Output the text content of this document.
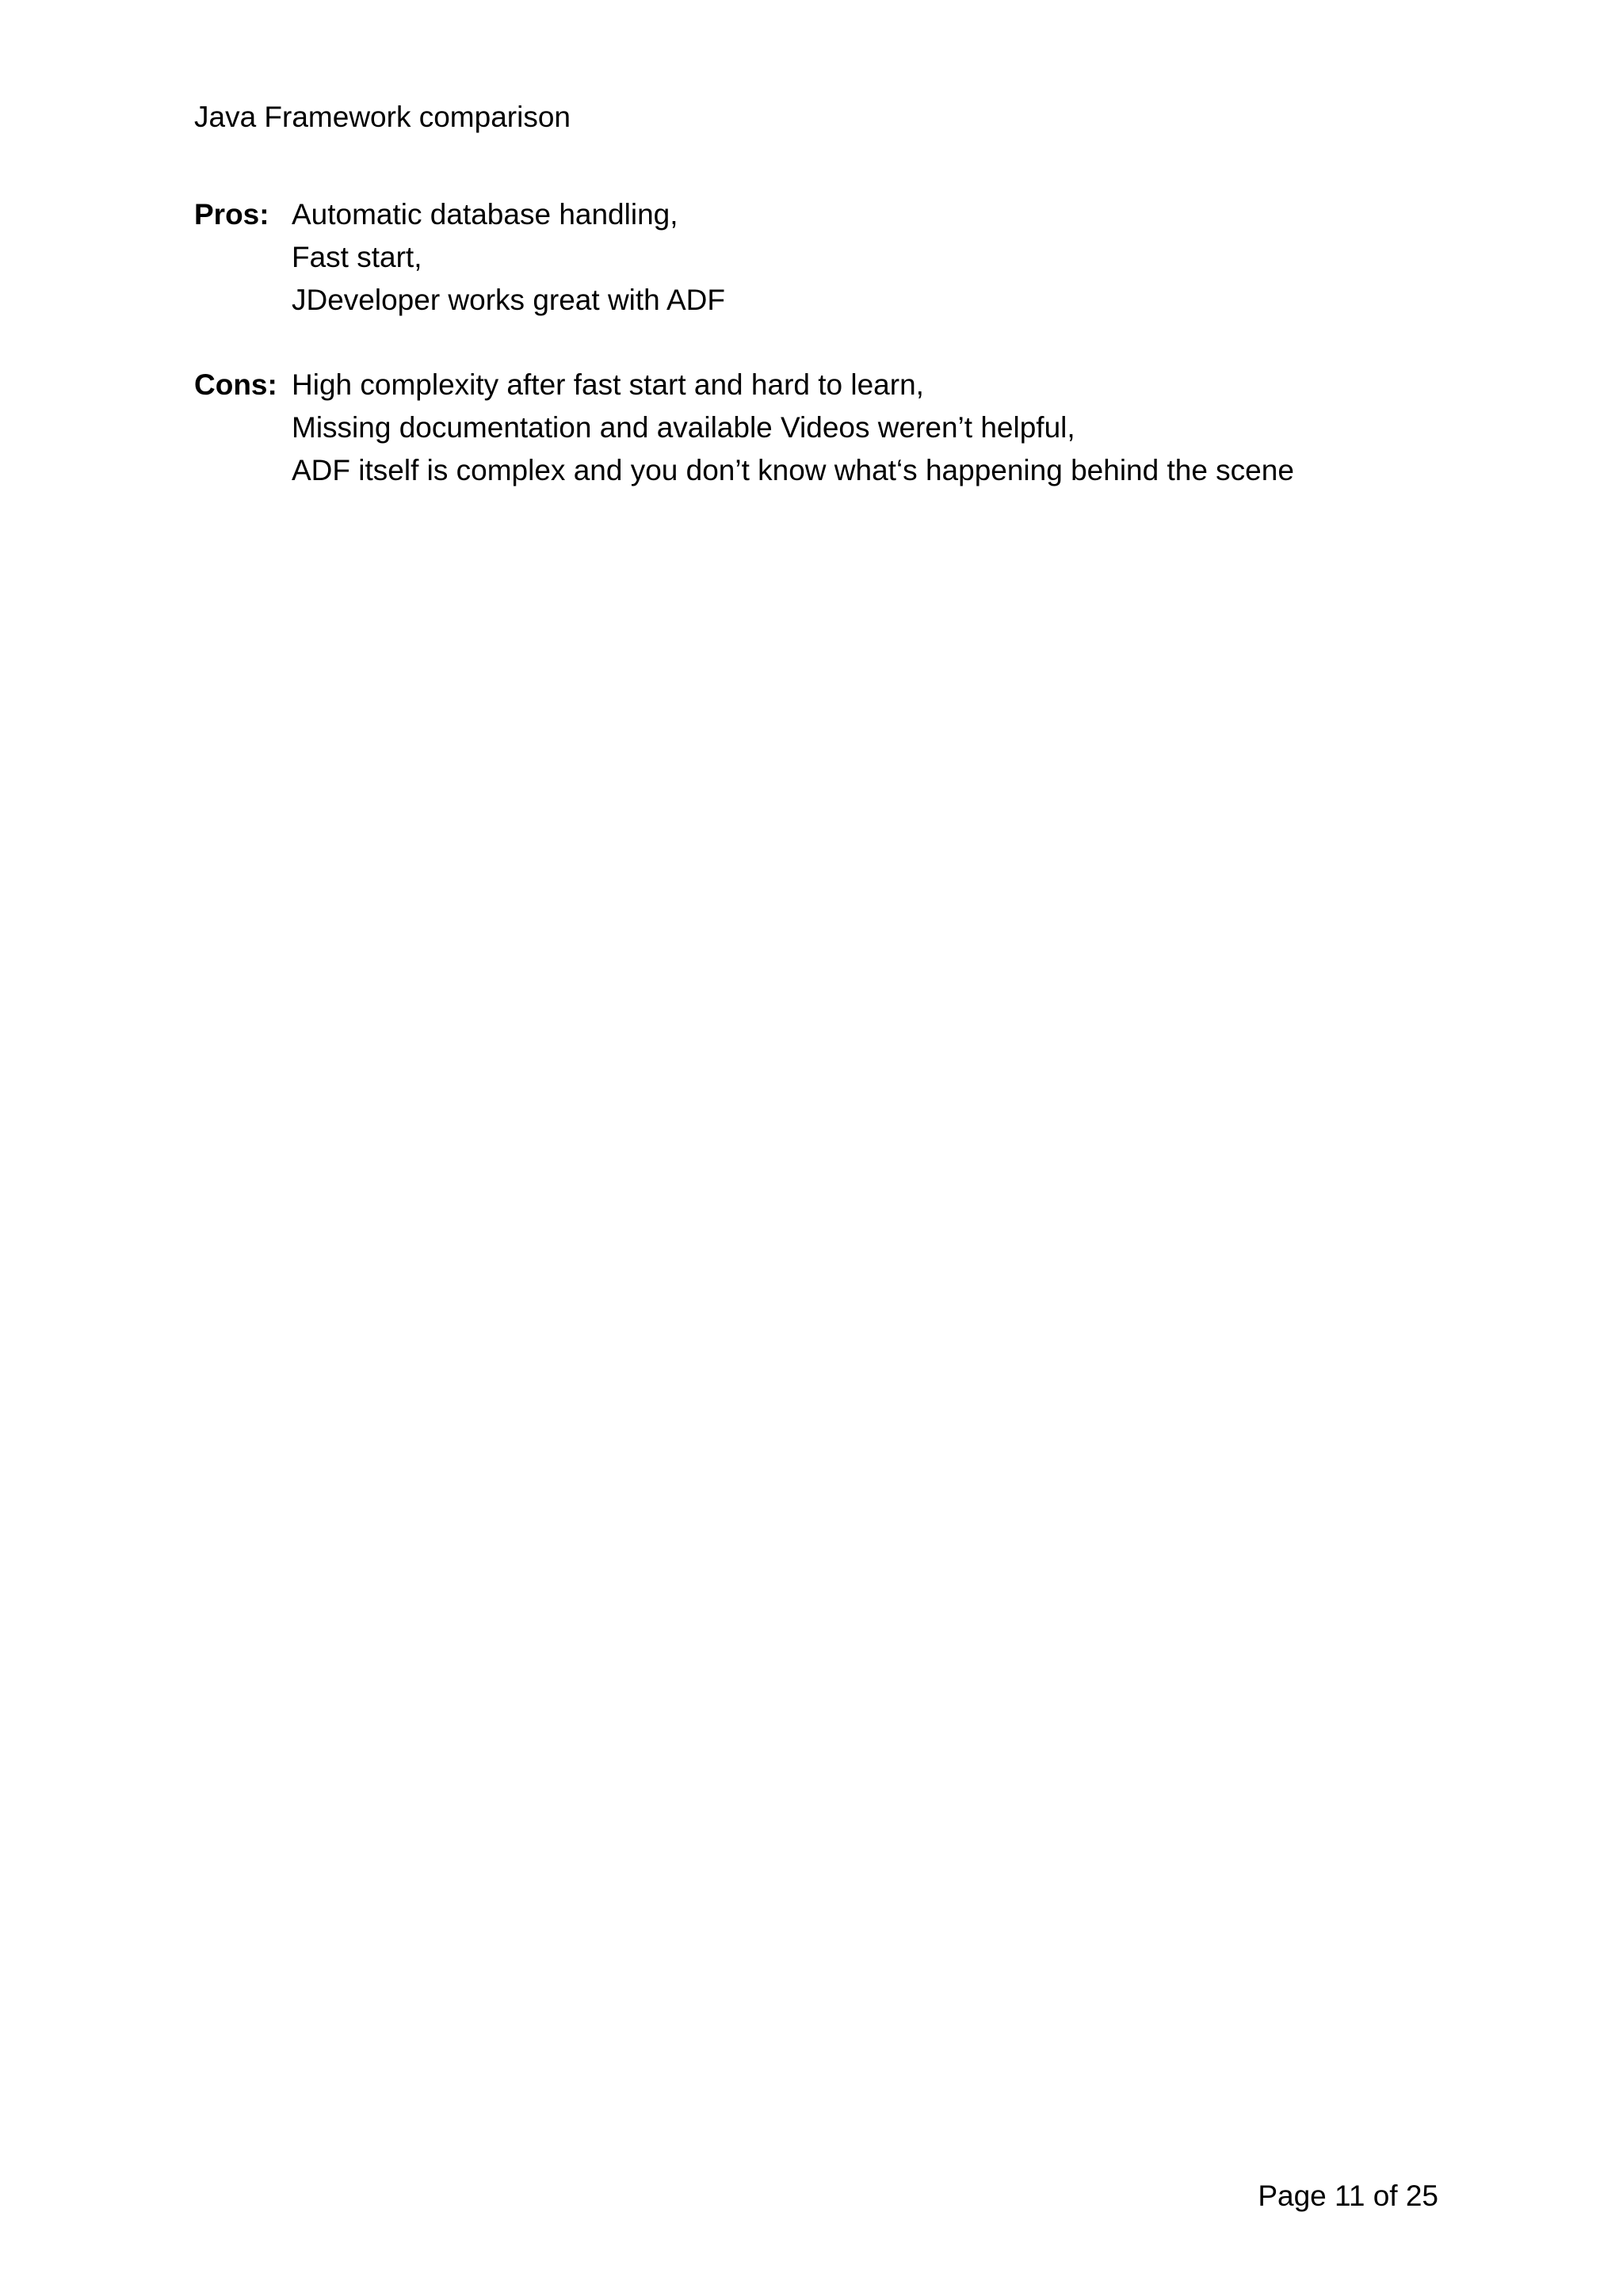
Java Framework comparison
Pros: Automatic database handling,
Fast start,
JDeveloper works great with ADF
Cons: High complexity after fast start and hard to learn,
Missing documentation and available Videos weren’t helpful,
ADF itself is complex and you don’t know what‘s happening behind the scene
Page 11 of 25
